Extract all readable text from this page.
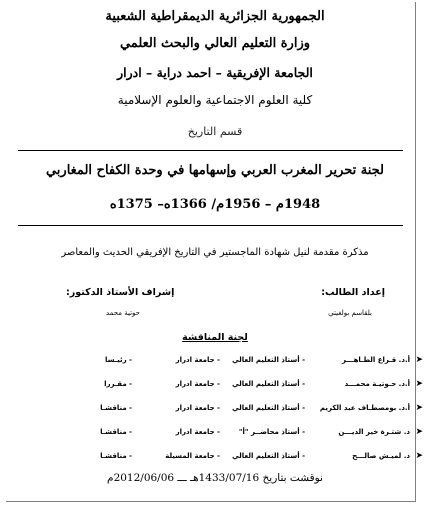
الجمهورية الجزائرية الديمقراطية الشعبية
وزارة التعليم العالي والبحث العلمي
الجامعة الإفريقية – احمد دراية – ادرار
كلية العلوم الاجتماعية والعلوم الإسلامية
قسم التاريخ
لجنة تحرير المغرب العربي وإسهامها في وحدة الكفاح المغاربي
1948م – 1956م/ 1366ه– 1375ه
مذكرة مقدمة لنيل شهادة الماجستير في التاريخ الإفريقي الحديث والمعاصر
إعداد الطالب:
إشراف الأستاذ الدكتور:
بلقاسم بولغيتي
حوتية محمد
لجنة المناقشة
➤
أ.د. قـراع الطـاهـــر
- أستاذ التعليم العالي
- جامعة ادرار
- رئيـسا
➤
أ.د. حـوتيـة محمـــد
- أستاذ التعليم العالي
- جامعة ادرار
- مقـررا
➤
أ.د. بومصطـاف عبد الكريم
- أستاذ التعليم العالي
- جامعة ادرار
- مناقشـا
➤
د. شتـرة خير الديـــن
- أستاذ محاضــر "أ"
- جامعة ادرار
- مناقشـا
➤
د. لميـش صالـــح
- أستاذ التعليم العالي
- جامعة المسيلة
- مناقشـا
نوقشت بتاريخ 1433/07/16هـ ـــ 2012/06/06م
